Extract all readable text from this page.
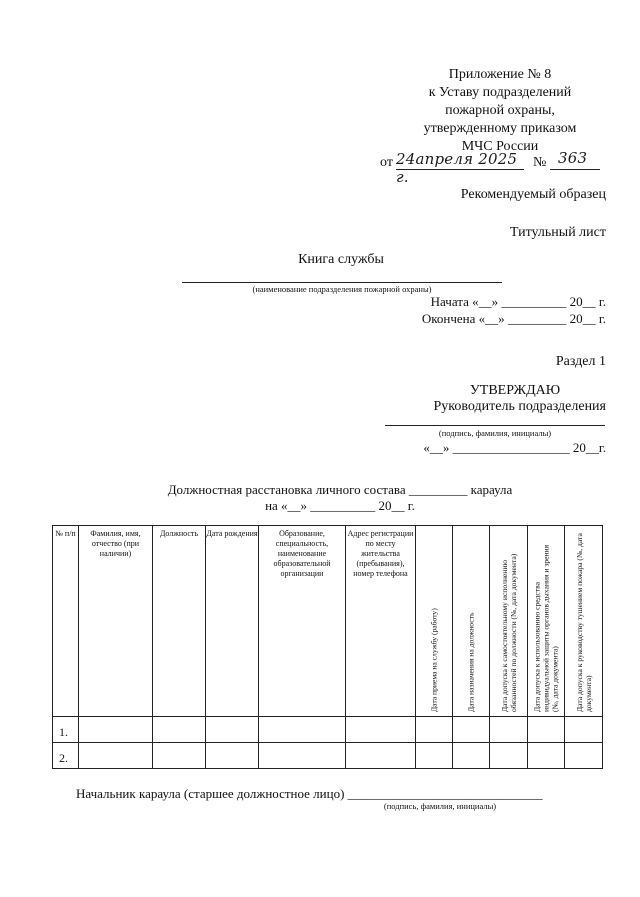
Приложение № 8
к Уставу подразделений
пожарной охраны,
утвержденному приказом
МЧС России
от 24апреля 2025 г.
№ 363
Рекомендуемый образец
Титульный лист
Книга службы
(наименование подразделения пожарной охраны)
Начата «__» __________ 20__ г.
Окончена «__» _________ 20__ г.
Раздел 1
УТВЕРЖДАЮ
Руководитель подразделения
(подпись, фамилия, инициалы)
«__» __________________ 20__г.
Должностная расстановка личного состава _________ караула
на «__» __________ 20__ г.
№ п/п	Фамилия, имя, отчество (при наличии)	Должность	Дата рождения	Образование, специальность, наименование образовательной организации	Адрес регистрации по месту жительства (пребывания), номер телефона	Дата приема на службу (работу)	Дата назначения на должность	Дата допуска к самостоятельному исполнению обязанностей по должности (№, дата документа)	Дата допуска к использованию средства индивидуальной защиты органов дыхания и зрения (№, дата документа)	Дата допуска к руководству тушением пожара (№, дата документа)

1.										
2.										
Начальник караула (старшее должностное лицо) ______________________________
(подпись, фамилия, инициалы)
